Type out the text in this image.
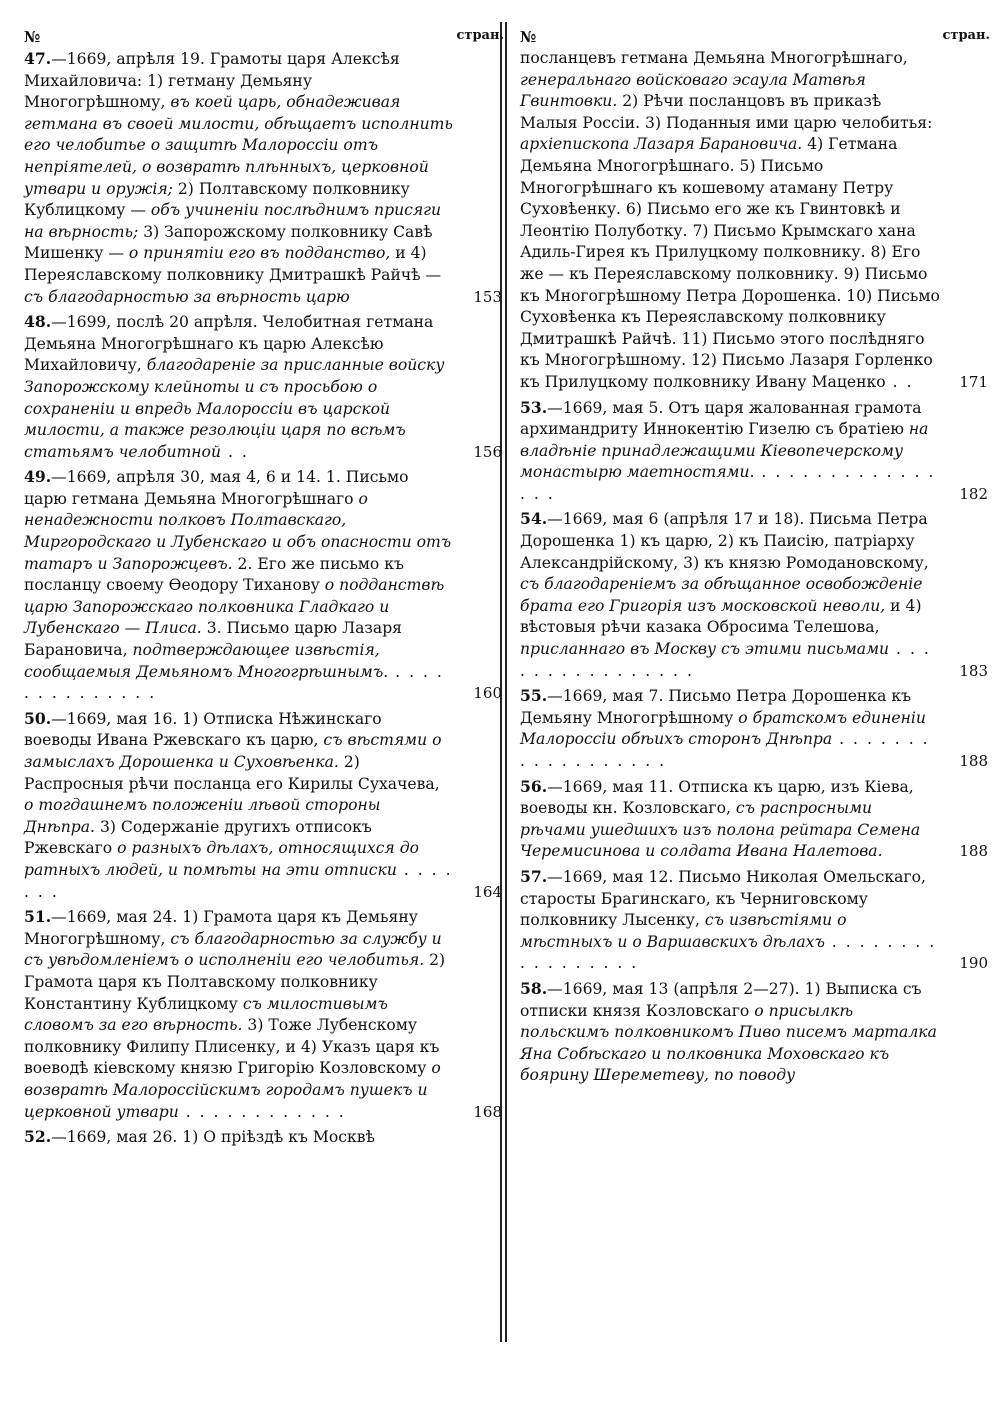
№	стран.
47.—1669, апрѣля 19. Грамоты царя Алексѣя Михайловича: 1) гетману Демьяну Многогрѣшному, въ коей царь, обнадеживая гетмана въ своей милости, обѣщаетъ исполнить его челобитье о защитѣ Малороссіи отъ непріятелей, о возвратѣ плѣнныхъ, церковной утвари и оружія; 2) Полтавскому полковнику Кублицкому — объ учиненіи послѣднимъ присяги на вѣрность; 3) Запорожскому полковнику Савѣ Мишенку — о принятіи его въ подданство, и 4) Переяславскому полковнику Дмитрашкѣ Райчѣ — съ благодарностью за вѣрность царю	153
48.—1699, послѣ 20 апрѣля. Челобитная гетмана Демьяна Многогрѣшнаго къ царю Алексѣю Михайловичу, благодареніе за присланные войску Запорожскому клейноты и съ просьбою о сохраненіи и впредь Малороссіи въ царской милости, а также резолюціи царя по всѣмъ статьямъ челобитной . .	156
49.—1669, апрѣля 30, мая 4, 6 и 14. 1. Письмо царю гетмана Демьяна Многогрѣшнаго о ненадежности полковъ Полтавскаго, Миргородскаго и Лубенскаго и объ опасности отъ татаръ и Запорожцевъ. 2. Его же письмо къ посланцу своему Ѳеодору Тиханову о подданствѣ царю Запорожскаго полковника Гладкаго и Лубенскаго — Плиса. 3. Письмо царю Лазаря Барановича, подтверждающее извѣстія, сообщаемыя Демьяномъ Многогрѣшнымъ. . . . . . . . . . . . . . .	160
50.—1669, мая 16. 1) Отписка Нѣжинскаго воеводы Ивана Ржевскаго къ царю, съ вѣстями о замыслахъ Дорошенка и Суховѣенка. 2) Распросныя рѣчи посланца его Кирилы Сухачева, о тогдашнемъ положеніи лѣвой стороны Днѣпра. 3) Содержаніе другихъ отписокъ Ржевскаго о разныхъ дѣлахъ, относящихся до ратныхъ людей, и помѣты на эти отписки . . . . . . .	164
51.—1669, мая 24. 1) Грамота царя къ Демьяну Многогрѣшному, съ благодарностью за службу и съ увѣдомленіемъ о исполненіи его челобитья. 2) Грамота царя къ Полтавскому полковнику Константину Кублицкому съ милостивымъ словомъ за его вѣрность. 3) Тоже Лубенскому полковнику Филипу Плисенку, и 4) Указъ царя къ воеводѣ кіевскому князю Григорію Козловскому о возвратѣ Малороссійскимъ городамъ пушекъ и церковной утвари . . . . . . . . . . . .	168
52.—1669, мая 26. 1) О пріѣздѣ къ Москвѣ
№	стран.
посланцевъ гетмана Демьяна Многогрѣшнаго, генеральнаго войсковаго эсаула Матвѣя Гвинтовки. 2) Рѣчи посланцовъ въ приказѣ Малыя Россіи. 3) Поданныя ими царю челобитья: архіепископа Лазаря Барановича. 4) Гетмана Демьяна Многогрѣшнаго. 5) Письмо Многогрѣшнаго къ кошевому атаману Петру Суховѣенку. 6) Письмо его же къ Гвинтовкѣ и Леонтію Полуботку. 7) Письмо Крымскаго хана Адиль-Гирея къ Прилуцкому полковнику. 8) Его же — къ Переяславскому полковнику. 9) Письмо къ Многогрѣшному Петра Дорошенка. 10) Письмо Суховѣенка къ Переяславскому полковнику Дмитрашкѣ Райчѣ. 11) Письмо этого послѣдняго къ Многогрѣшному. 12) Письмо Лазаря Горленко къ Прилуцкому полковнику Ивану Маценко . .	171
53.—1669, мая 5. Отъ царя жалованная грамота архимандриту Иннокентію Гизелю съ братіею на владѣніе принадлежащими Кіевопечерскому монастырю маетностями. . . . . . . . . . . . . . . . .	182
54.—1669, мая 6 (апрѣля 17 и 18). Письма Петра Дорошенка 1) къ царю, 2) къ Паисію, патріарху Александрійскому, 3) къ князю Ромодановскому, съ благодареніемъ за обѣщанное освобожденіе брата его Григорія изъ московской неволи, и 4) вѣстовыя рѣчи казака Обросима Телешова, присланнаго въ Москву съ этими письмами . . . . . . . . . . . . . . . .	183
55.—1669, мая 7. Письмо Петра Дорошенка къ Демьяну Многогрѣшному о братскомъ единеніи Малороссіи обѣихъ сторонъ Днѣпра . . . . . . . . . . . . . . . . . .	188
56.—1669, мая 11. Отписка къ царю, изъ Кіева, воеводы кн. Козловскаго, съ распросными рѣчами ушедшихъ изъ полона рейтара Семена Черемисинова и солдата Ивана Налетова.	188
57.—1669, мая 12. Письмо Николая Омельскаго, старосты Брагинскаго, къ Черниговскому полковнику Лысенку, съ извѣстіями о мѣстныхъ и о Варшавскихъ дѣлахъ . . . . . . . . . . . . . . . . .	190
58.—1669, мая 13 (апрѣля 2—27). 1) Выписка съ отписки князя Козловскаго о присылкѣ польскимъ полковникомъ Пиво писемъ марталка Яна Собѣскаго и полковника Моховскаго къ боярину Шереметеву, по поводу
